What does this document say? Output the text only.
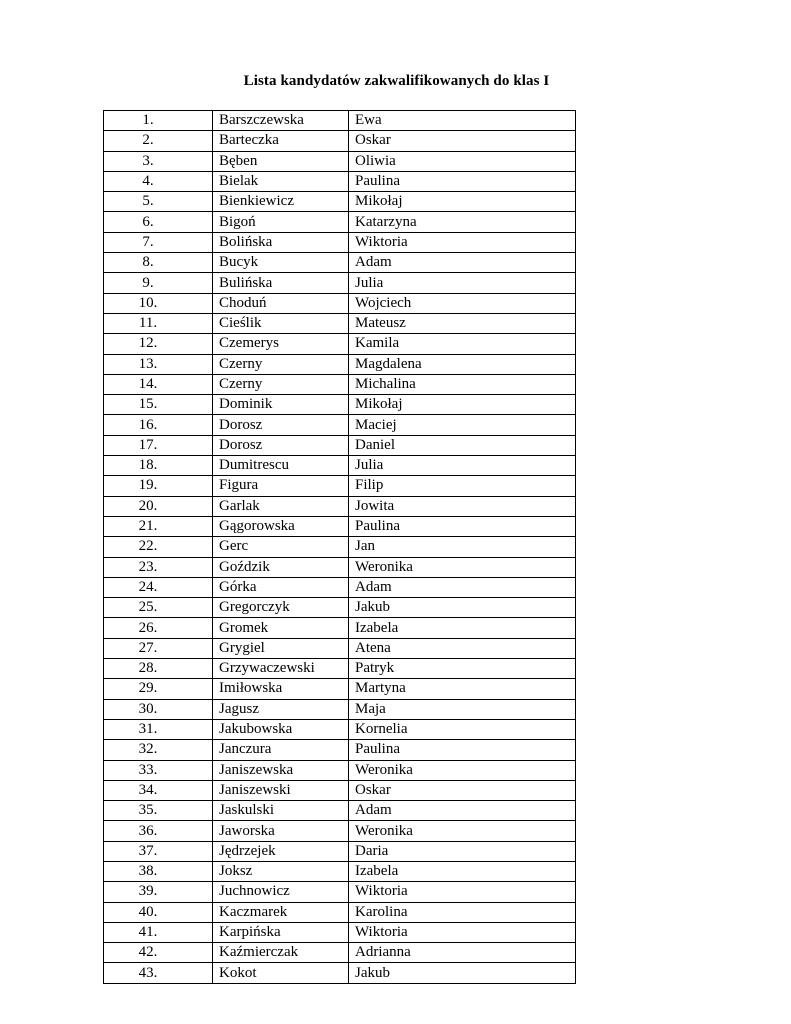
Lista kandydatów zakwalifikowanych do klas I
1.	Barszczewska	Ewa
2.	Barteczka	Oskar
3.	Bęben	Oliwia
4.	Bielak	Paulina
5.	Bienkiewicz	Mikołaj
6.	Bigoń	Katarzyna
7.	Bolińska	Wiktoria
8.	Bucyk	Adam
9.	Bulińska	Julia
10.	Choduń	Wojciech
11.	Cieślik	Mateusz
12.	Czemerys	Kamila
13.	Czerny	Magdalena
14.	Czerny	Michalina
15.	Dominik	Mikołaj
16.	Dorosz	Maciej
17.	Dorosz	Daniel
18.	Dumitrescu	Julia
19.	Figura	Filip
20.	Garlak	Jowita
21.	Gągorowska	Paulina
22.	Gerc	Jan
23.	Goździk	Weronika
24.	Górka	Adam
25.	Gregorczyk	Jakub
26.	Gromek	Izabela
27.	Grygiel	Atena
28.	Grzywaczewski	Patryk
29.	Imiłowska	Martyna
30.	Jagusz	Maja
31.	Jakubowska	Kornelia
32.	Janczura	Paulina
33.	Janiszewska	Weronika
34.	Janiszewski	Oskar
35.	Jaskulski	Adam
36.	Jaworska	Weronika
37.	Jędrzejek	Daria
38.	Joksz	Izabela
39.	Juchnowicz	Wiktoria
40.	Kaczmarek	Karolina
41.	Karpińska	Wiktoria
42.	Kaźmierczak	Adrianna
43.	Kokot	Jakub
